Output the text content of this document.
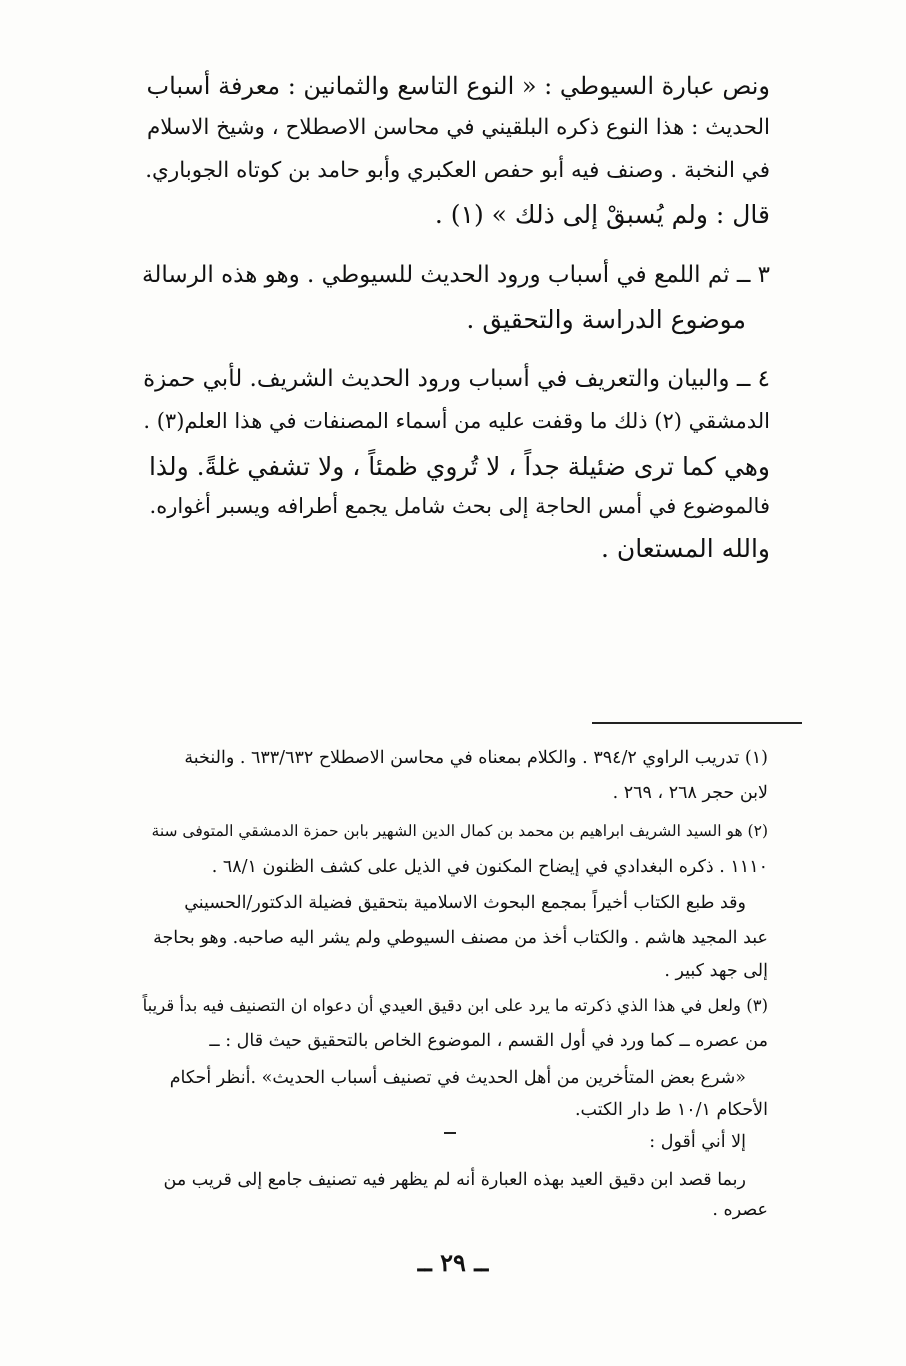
ونص عبارة السيوطي : « النوع التاسع والثمانين : معرفة أسباب
الحديث : هذا النوع ذكره البلقيني في محاسن الاصطلاح ، وشيخ الاسلام
في النخبة . وصنف فيه أبو حفص العكبري وأبو حامد بن كوتاه الجوباري.
قال : ولم يُسبقْ إلى ذلك » (١) .
٣ ــ ثم اللمع في أسباب ورود الحديث للسيوطي . وهو هذه الرسالة
موضوع الدراسة والتحقيق .
٤ ــ والبيان والتعريف في أسباب ورود الحديث الشريف. لأبي حمزة
الدمشقي (٢) ذلك ما وقفت عليه من أسماء المصنفات في هذا العلم(٣) .
وهي كما ترى ضئيلة جداً ، لا تُروي ظمئاً ، ولا تشفي غلةً. ولذا
فالموضوع في أمس الحاجة إلى بحث شامل يجمع أطرافه ويسبر أغواره.
والله المستعان .
(١) تدريب الراوي ٣٩٤/٢ . والكلام بمعناه في محاسن الاصطلاح ٦٣٣/٦٣٢ . والنخبة
لابن حجر ٢٦٨ ، ٢٦٩ .
(٢) هو السيد الشريف ابراهيم بن محمد بن كمال الدين الشهير بابن حمزة الدمشقي المتوفى سنة
١١١٠ . ذكره البغدادي في إيضاح المكنون في الذيل على كشف الظنون ٦٨/١ .
وقد طبع الكتاب أخيراً بمجمع البحوث الاسلامية بتحقيق فضيلة الدكتور/الحسيني
عبد المجيد هاشم . والكتاب أخذ من مصنف السيوطي ولم يشر اليه صاحبه. وهو بحاجة
إلى جهد كبير .
(٣) ولعل في هذا الذي ذكرته ما يرد على ابن دقيق العيدي أن دعواه ان التصنيف فيه بدأ قريباً
من عصره ــ كما ورد في أول القسم ، الموضوع الخاص بالتحقيق حيث قال : ــ
«شرع بعض المتأخرين من أهل الحديث في تصنيف أسباب الحديث» .أنظر أحكام
الأحكام ١٠/١ ط دار الكتب.
إلا أني أقول :
ربما قصد ابن دقيق العيد بهذه العبارة أنه لم يظهر فيه تصنيف جامع إلى قريب من
عصره .
ــ ٢٩ ــ
